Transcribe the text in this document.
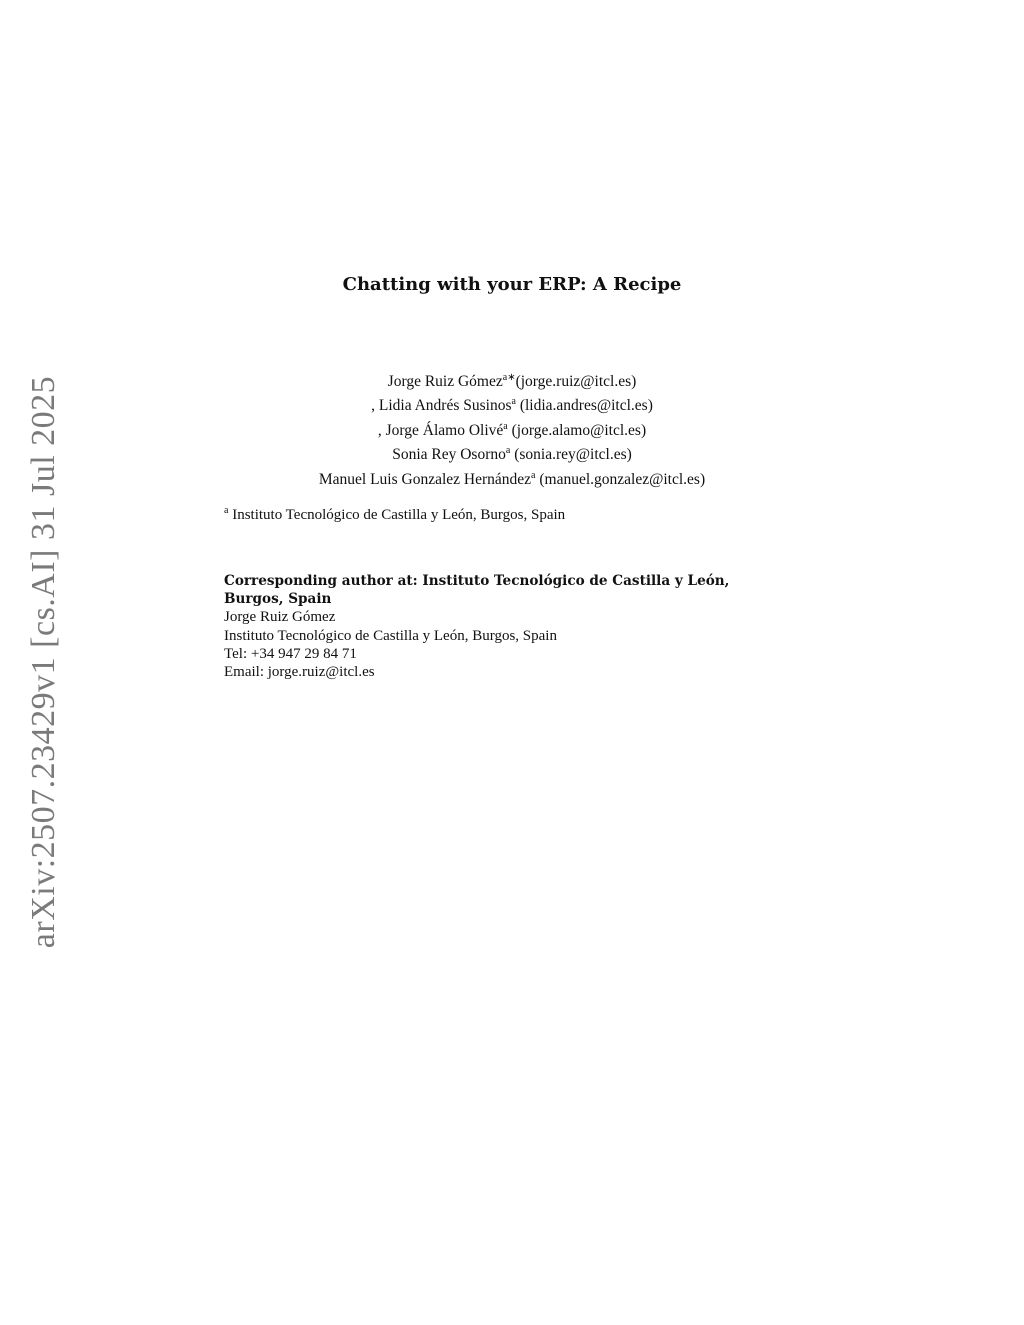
arXiv:2507.23429v1 [cs.AI] 31 Jul 2025
Chatting with your ERP: A Recipe
Jorge Ruiz Gómez$^{a∗}$(jorge.ruiz@itcl.es)
, Lidia Andrés Susinos$^a$ (lidia.andres@itcl.es)
, Jorge Álamo Olivé$^a$ (jorge.alamo@itcl.es)
Sonia Rey Osorno$^a$ (sonia.rey@itcl.es)
Manuel Luis Gonzalez Hernández$^a$ (manuel.gonzalez@itcl.es)
$^a$ Instituto Tecnológico de Castilla y León, Burgos, Spain
Corresponding author at: Instituto Tecnológico de Castilla y León, Burgos, Spain
Jorge Ruiz Gómez
Instituto Tecnológico de Castilla y León, Burgos, Spain
Tel: +34 947 29 84 71
Email: jorge.ruiz@itcl.es
